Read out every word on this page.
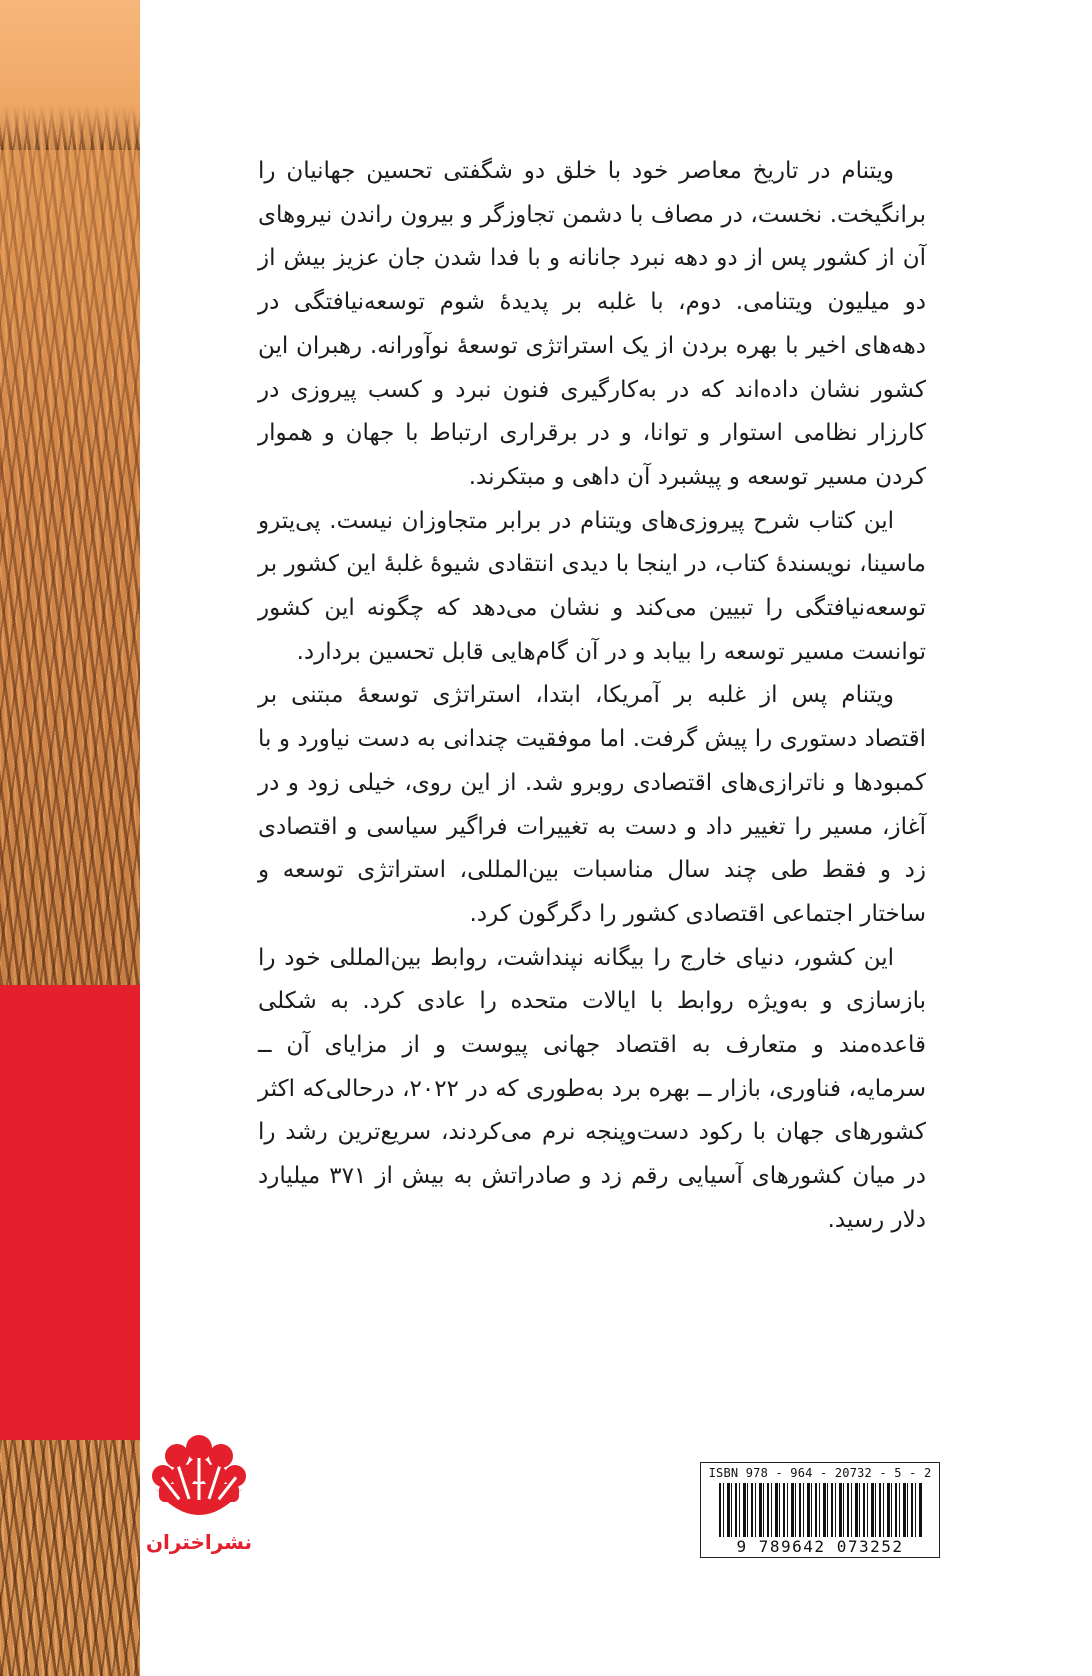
ویتنام در تاریخ معاصر خود با خلق دو شگفتی تحسین جهانیان را برانگیخت. نخست، در مصاف با دشمن تجاوزگر و بیرون راندن نیروهای آن از کشور پس از دو دهه نبرد جانانه و با فدا شدن جان عزیز بیش از دو میلیون ویتنامی. دوم، با غلبه بر پدیدهٔ شوم توسعه‌نیافتگی در دهه‌های اخیر با بهره بردن از یک استراتژی توسعهٔ نوآورانه. رهبران این کشور نشان داده‌اند که در به‌کارگیری فنون نبرد و کسب پیروزی در کارزار نظامی استوار و توانا، و در برقراری ارتباط با جهان و هموار کردن مسیر توسعه و پیشبرد آن داهی و مبتکرند.

این کتاب شرح پیروزی‌های ویتنام در برابر متجاوزان نیست. پی‌یترو ماسینا، نویسندهٔ کتاب، در اینجا با دیدی انتقادی شیوهٔ غلبهٔ این کشور بر توسعه‌نیافتگی را تبیین می‌کند و نشان می‌دهد که چگونه این کشور توانست مسیر توسعه را بیابد و در آن گام‌هایی قابل تحسین بردارد.

ویتنام پس از غلبه بر آمریکا، ابتدا، استراتژی توسعهٔ مبتنی بر اقتصاد دستوری را پیش گرفت. اما موفقیت چندانی به دست نیاورد و با کمبودها و ناترازی‌های اقتصادی روبرو شد. از این روی، خیلی زود و در آغاز، مسیر را تغییر داد و دست به تغییرات فراگیر سیاسی و اقتصادی زد و فقط طی چند سال مناسبات بین‌المللی، استراتژی توسعه و ساختار اجتماعی اقتصادی کشور را دگرگون کرد.

این کشور، دنیای خارج را بیگانه نپنداشت، روابط بین‌المللی خود را بازسازی و به‌ویژه روابط با ایالات متحده را عادی کرد. به شکلی قاعده‌مند و متعارف به اقتصاد جهانی پیوست و از مزایای آن ــ سرمایه، فناوری، بازار ــ بهره برد به‌طوری که در ۲۰۲۲، درحالی‌که اکثر کشورهای جهان با رکود دست‌وپنجه نرم می‌کردند، سریع‌ترین رشد را در میان کشورهای آسیایی رقم زد و صادراتش به بیش از ۳۷۱ میلیارد دلار رسید.

نشراختران
ISBN 978 - 964 - 20732 - 5 - 2
9 789642 073252
